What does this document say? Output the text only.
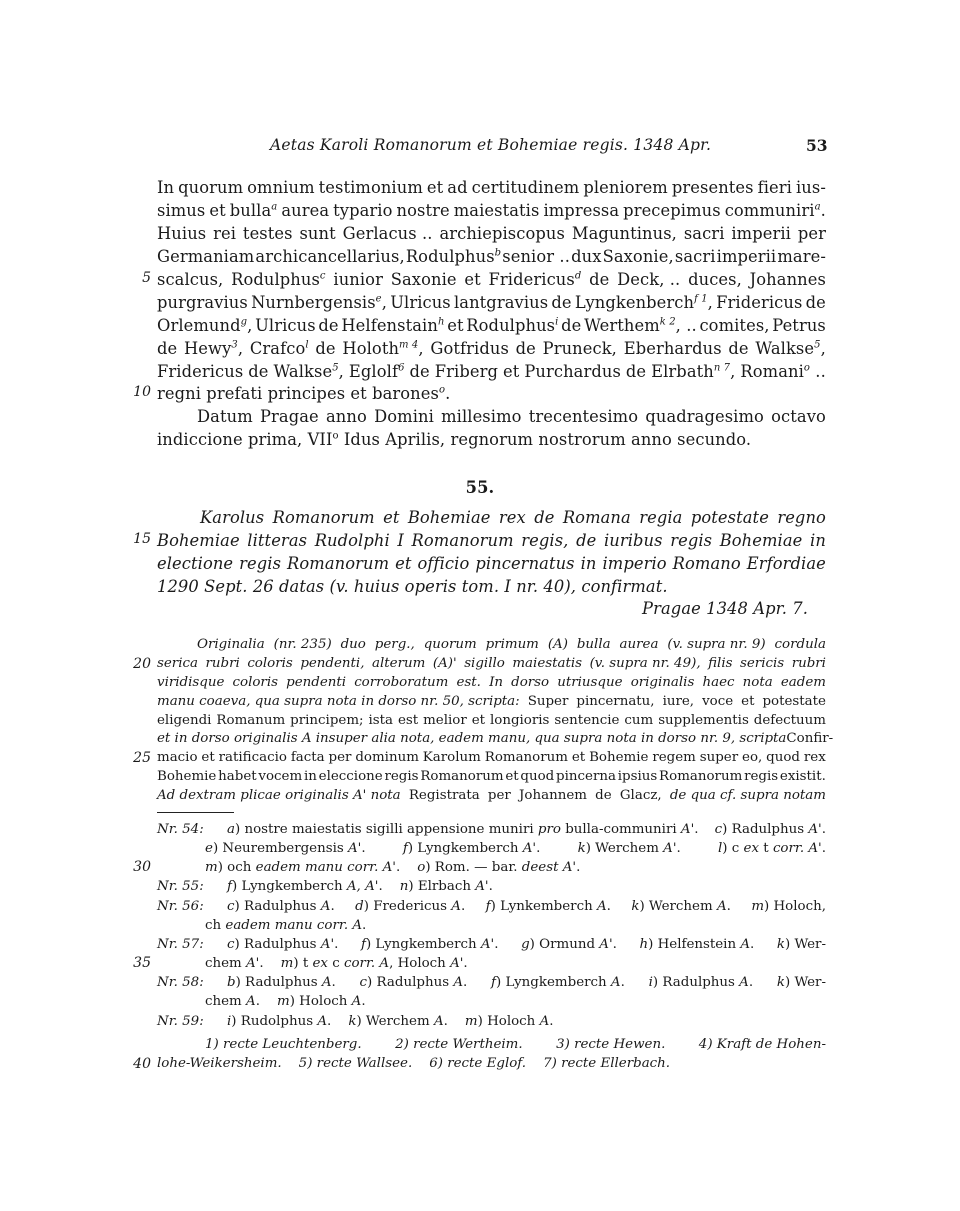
Aetas Karoli Romanorum et Bohemiae regis. 1348 Apr.	53
5
10
15
20
25
30
35
40
In quorum omnium testimonium et ad certitudinem pleniorem presentes fieri ius-
simus et bulla$^a$ aurea typario nostre maiestatis impressa precepimus communiri$^a$.
Huius rei testes sunt Gerlacus .. archiepiscopus Maguntinus, sacri imperii per
Germaniam archicancellarius, Rodulphus$^b$ senior .. dux Saxonie, sacri imperii mare-
scalcus, Rodulphus$^c$ iunior Saxonie et Fridericus$^d$ de Deck, .. duces, Johannes
purgravius Nurnbergensis$^e$, Ulricus lantgravius de Lyngkenberch$^{f 1}$, Fridericus de
Orlemund$^g$, Ulricus de Helfenstain$^h$ et Rodulphus$^i$ de Werthem$^{k 2}$, .. comites, Petrus
de Hewy$^3$, Crafco$^l$ de Holoth$^{m 4}$, Gotfridus de Pruneck, Eberhardus de Walkse$^5$,
Fridericus de Walkse$^5$, Eglolf$^6$ de Friberg et Purchardus de Elrbath$^{n 7}$, Romani$^o$ ..
regni prefati principes et barones$^o$.
Datum Pragae anno Domini millesimo trecentesimo quadragesimo octavo
indiccione prima, VII$^o$ Idus Aprilis, regnorum nostrorum anno secundo.
55.
Karolus Romanorum et Bohemiae rex de Romana regia potestate regno
Bohemiae litteras Rudolphi I Romanorum regis, de iuribus regis Bohemiae in
electione regis Romanorum et officio pincernatus in imperio Romano Erfordiae
1290 Sept. 26 datas (v. huius operis tom. I nr. 40), confirmat.
Pragae 1348 Apr. 7.
Originalia (nr. 235) duo perg., quorum primum (A) bulla aurea (v. supra nr. 9) cordula
serica rubri coloris pendenti, alterum (A)' sigillo maiestatis (v. supra nr. 49), filis sericis rubri
viridisque coloris pendenti corroboratum est. In dorso utriusque originalis haec nota eadem
manu coaeva, qua supra nota in dorso nr. 50, scripta: Super pincernatu, iure, voce et potestate
eligendi Romanum principem; ista est melior et longioris sentencie cum supplementis defectuum
et in dorso originalis A insuper alia nota, eadem manu, qua supra nota in dorso nr. 9, scripta Confir-
macio et ratificacio facta per dominum Karolum Romanorum et Bohemie regem super eo, quod rex
Bohemie habet vocem in eleccione regis Romanorum et quod pincerna ipsius Romanorum regis existit.
Ad dextram plicae originalis A' nota Registrata per Johannem de Glacz, de qua cf. supra notam
Nr. 54: a) nostre maiestatis sigilli appensione muniri pro bulla-communiri A'. c) Radulphus A'.
e) Neurembergensis A'.	f) Lyngkemberch A'.	k) Werchem A'.	l) c ex t corr. A'.
m) och eadem manu corr. A'.    o) Rom. — bar. deest A'.
Nr. 55: f) Lyngkemberch A, A'.    n) Elrbach A'.
Nr. 56: c) Radulphus A. d) Fredericus A. f) Lynkemberch A. k) Werchem A. m) Holoch,
ch eadem manu corr. A.
Nr. 57: c) Radulphus A'. f) Lyngkemberch A'. g) Ormund A'. h) Helfenstein A. k) Wer-
chem A'.    m) t ex c corr. A, Holoch A'.
Nr. 58: b) Radulphus A. c) Radulphus A. f) Lyngkemberch A. i) Radulphus A. k) Wer-
chem A.    m) Holoch A.
Nr. 59: i) Rudolphus A.    k) Werchem A.    m) Holoch A.
1) recte Leuchtenberg. 2) recte Wertheim. 3) recte Hewen. 4) Kraft de Hohen-
lohe-Weikersheim.    5) recte Wallsee.    6) recte Eglof.    7) recte Ellerbach.
